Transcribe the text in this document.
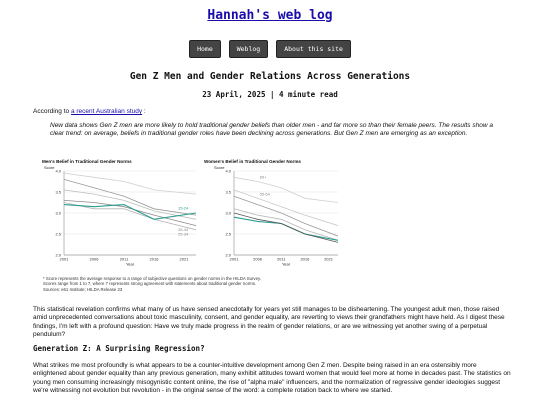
Hannah's web log
Home	Weblog	About this site
Gen Z Men and Gender Relations Across Generations
23 April, 2025 | 4 minute read
According to a recent Australian study :
New data shows Gen Z men are more likely to hold traditional gender beliefs than older men - and far more so than their female peers. The results show a clear trend: on average, beliefs in traditional gender roles have been declining across generations. But Gen Z men are emerging as an exception.
Men's Belief in Traditional Gender Norms
Score
2.0
2.5
3.0
3.5
4.0
2001	2006	2011	2016	2021
Year
35-44
25-34
15-24
Women's Belief in Traditional Gender Norms
Score
2.0
2.5
3.0
3.5
4.0
2001	2006	2011	2016	2021
Year
65+
55-64
* Score represents the average response to a range of subjective questions on gender norms in the HILDA Survey.
Scores range from 1 to 7, where 7 represents strong agreement with statements about traditional gender norms.
Sources: e61 Institute; HILDA Release 23
This statistical revelation confirms what many of us have sensed anecdotally for years yet still manages to be disheartening. The youngest adult men, those raised amid unprecedented conversations about toxic masculinity, consent, and gender equality, are reverting to views their grandfathers might have held. As I digest these findings, I'm left with a profound question: Have we truly made progress in the realm of gender relations, or are we witnessing yet another swing of a perpetual pendulum?
Generation Z: A Surprising Regression?
What strikes me most profoundly is what appears to be a counter-intuitive development among Gen Z men. Despite being raised in an era ostensibly more enlightened about gender equality than any previous generation, many exhibit attitudes toward women that would feel more at home in decades past. The statistics on young men consuming increasingly misogynistic content online, the rise of "alpha male" influencers, and the normalization of regressive gender ideologies suggest we're witnessing not evolution but revolution - in the original sense of the word: a complete rotation back to where we started.
